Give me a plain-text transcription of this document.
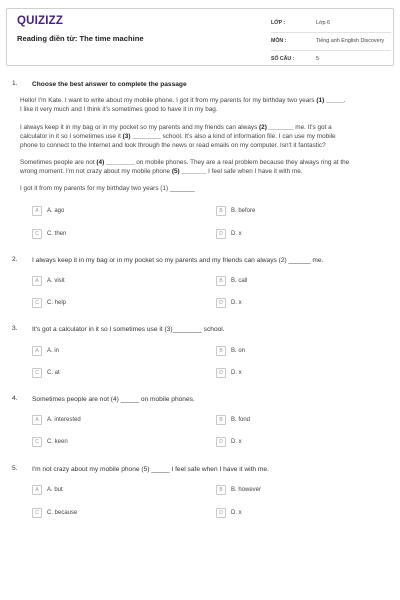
QUIZIZZ
Reading điền từ: The time machine
LỚP :	Lớp 6
MÔN :	Tiếng anh English Discovery
SỐ CÂU :	5
1. Choose the best answer to complete the passage
Hello! I'm Kate. I want to write about my mobile phone. I got it from my parents for my birthday two years (1) _____.
I like it very much and I think it's sometimes good to have it in my bag.
I always keep it in my bag or in my pocket so my parents and my friends can always (2) _______ me. It's got a
calculator in it so I sometimes use it (3) ________ school. It's also a kind of information file. I can use my mobile
phone to connect to the Internet and look through the news or read emails on my computer. Isn't it fantastic?
Sometimes people are not (4) ________ on mobile phones. They are a real problem because they always ring at the
wrong moment. I'm not crazy about my mobile phone (5) _______ I feel safe when I have it with me.
I got it from my parents for my birthday two years (1) _______
A	A. ago	B	B. before
C	C. then	D	D. x
2. I always keep it in my bag or in my pocket so my parents and my friends can always (2) ______ me.
A	A. visit	B	B. call
C	C. help	D	D. x
3. It's got a calculator in it so I sometimes use it (3)________ school.
A	A. in	B	B. on
C	C. at	D	D. x
4. Sometimes people are not (4) _____ on mobile phones.
A	A. interested	B	B. fond
C	C. keen	D	D. x
5. I'm not crazy about my mobile phone (5) _____ I feel safe when I have it with me.
A	A. but	B	B. however
C	C. because	D	D. x
